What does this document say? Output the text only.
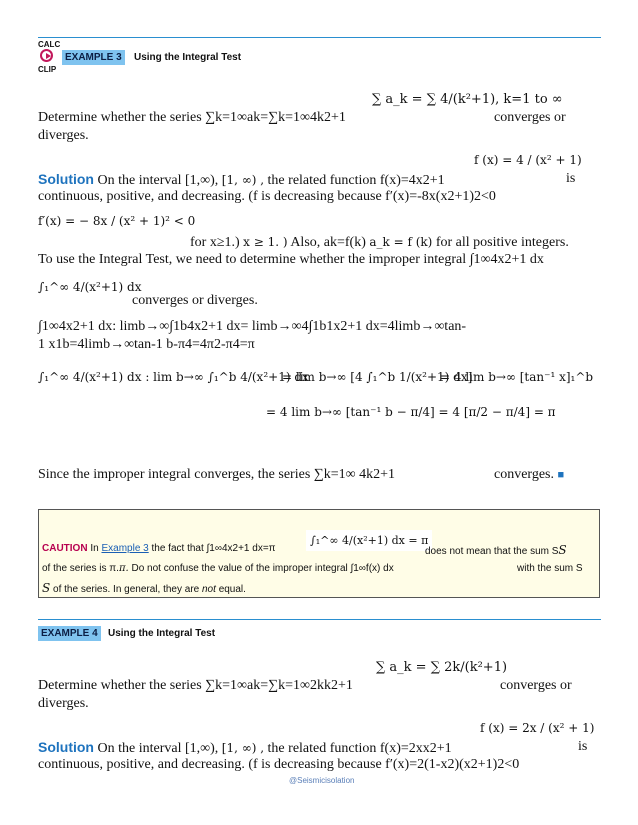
CALC
CLIP
EXAMPLE 3	Using the Integral Test
∑ a_k = ∑ 4/(k²+1), k=1 to ∞
Determine whether the series ∑k=1∞ak=∑k=1∞4k2+1	converges or
diverges.
Solution On the interval [1,∞), [1, ∞) , the related function f(x)=4x2+1
f (x) = 4 / (x² + 1)
is
continuous, positive, and decreasing. (f is decreasing because f′(x)=-8x(x2+1)2<0
f′(x) = − 8x / (x² + 1)² < 0
for x≥1.) x ≥ 1. ) Also, ak=f(k) a_k = f (k) for all positive integers.
To use the Integral Test, we need to determine whether the improper integral ∫1∞4x2+1 dx
∫₁^∞ 4/(x²+1) dx
converges or diverges.
∫1∞4x2+1 dx: limb→∞∫1b4x2+1 dx= limb→∞4∫1b1x2+1 dx=4limb→∞tan-
1 x1b=4limb→∞tan-1 b-π4=4π2-π4=π
∫₁^∞ 4/(x²+1) dx : lim b→∞ ∫₁^b 4/(x²+1) dx
= lim b→∞ [4 ∫₁^b 1/(x²+1) dx]
= 4 lim b→∞ [tan⁻¹ x]₁^b
= 4 lim b→∞ [tan⁻¹ b − π/4] = 4 [π/2 − π/4] = π
Since the improper integral converges, the series ∑k=1∞ 4k2+1	converges. ■
∫₁^∞ 4/(x²+1) dx = π
CAUTION In Example 3 the fact that ∫1∞4x2+1 dx=π	does not mean that the sum SS
of the series is π.π. Do not confuse the value of the improper integral ∫1∞f(x) dx	with the sum S
S of the series. In general, they are not equal.
EXAMPLE 4	Using the Integral Test
∑ a_k = ∑ 2k/(k²+1)
Determine whether the series ∑k=1∞ak=∑k=1∞2kk2+1	converges or
diverges.
Solution On the interval [1,∞), [1, ∞) , the related function f(x)=2xx2+1
f (x) = 2x / (x² + 1)
is
continuous, positive, and decreasing. (f is decreasing because f′(x)=2(1-x2)(x2+1)2<0
@Seismicisolation
